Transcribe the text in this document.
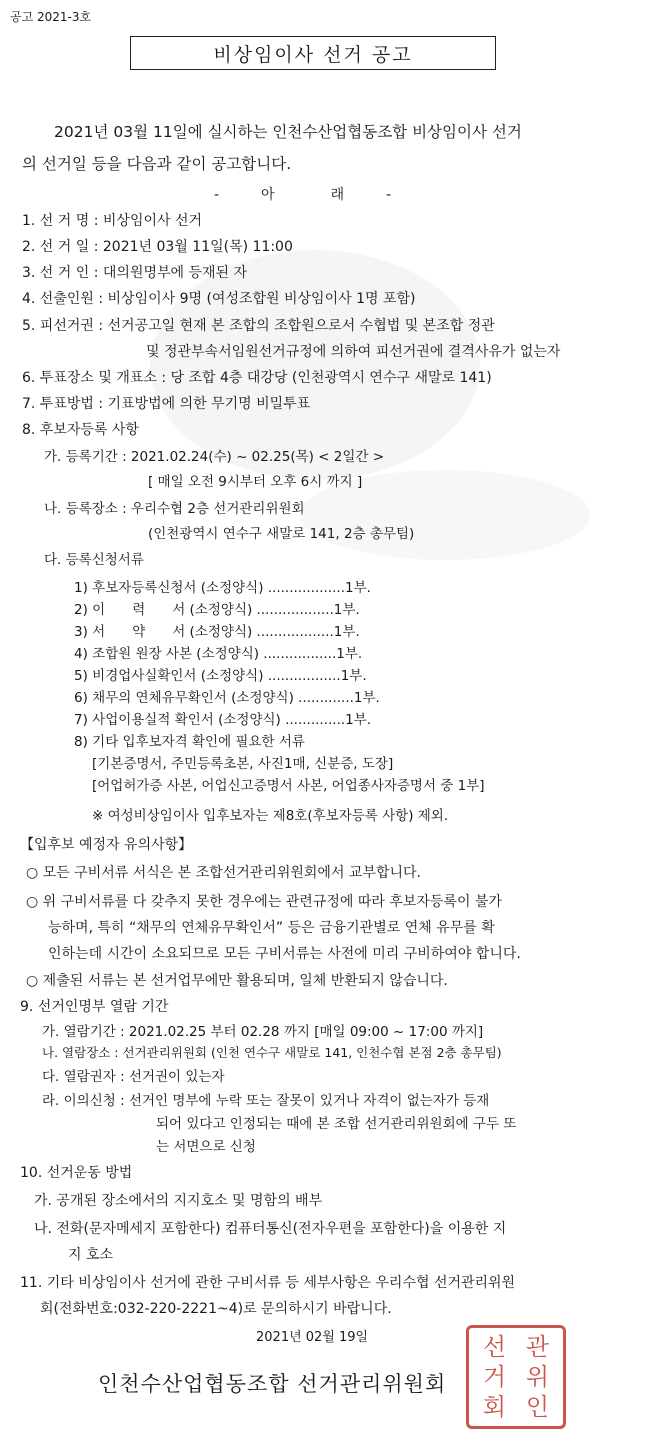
공고 2021-3호
비상임이사 선거 공고
2021년 03월 11일에 실시하는 인천수산업협동조합 비상임이사 선거
의 선거일 등을 다음과 같이 공고합니다.
-　　　아　　　　래　　　-
1. 선 거 명 : 비상임이사 선거
2. 선 거 일 : 2021년 03월 11일(목) 11:00
3. 선 거 인 : 대의원명부에 등재된 자
4. 선출인원 : 비상임이사 9명 (여성조합원 비상임이사 1명 포함)
5. 피선거권 : 선거공고일 현재 본 조합의 조합원으로서 수협법 및 본조합 정관
및 정관부속서임원선거규정에 의하여 피선거권에 결격사유가 없는자
6. 투표장소 및 개표소 : 당 조합 4층 대강당 (인천광역시 연수구 새말로 141)
7. 투표방법 : 기표방법에 의한 무기명 비밀투표
8. 후보자등록 사항
가. 등록기간 : 2021.02.24(수) ~ 02.25(목) < 2일간 >
[ 매일 오전 9시부터 오후 6시 까지 ]
나. 등록장소 : 우리수협 2층 선거관리위원회
(인천광역시 연수구 새말로 141, 2층 총무팀)
다. 등록신청서류
1) 후보자등록신청서 (소정양식) ..................1부.
2) 이　　력　　서 (소정양식) ..................1부.
3) 서　　약　　서 (소정양식) ..................1부.
4) 조합원 원장 사본 (소정양식) .................1부.
5) 비경업사실확인서 (소정양식) .................1부.
6) 채무의 연체유무확인서 (소정양식) .............1부.
7) 사업이용실적 확인서 (소정양식) ..............1부.
8) 기타 입후보자격 확인에 필요한 서류
[기본증명서, 주민등록초본, 사진1매, 신분증, 도장]
[어업허가증 사본, 어업신고증명서 사본, 어업종사자증명서 중 1부]
※ 여성비상임이사 입후보자는 제8호(후보자등록 사항) 제외.
【입후보 예정자 유의사항】
○ 모든 구비서류 서식은 본 조합선거관리위원회에서 교부합니다.
○ 위 구비서류를 다 갖추지 못한 경우에는 관련규정에 따라 후보자등록이 불가
능하며, 특히 “채무의 연체유무확인서” 등은 금융기관별로 연체 유무를 확
인하는데 시간이 소요되므로 모든 구비서류는 사전에 미리 구비하여야 합니다.
○ 제출된 서류는 본 선거업무에만 활용되며, 일체 반환되지 않습니다.
9. 선거인명부 열람 기간
가. 열람기간 : 2021.02.25 부터 02.28 까지 [매일 09:00 ~ 17:00 까지]
나. 열람장소 : 선거관리위원회 (인천 연수구 새말로 141, 인천수협 본점 2층 총무팀)
다. 열람권자 : 선거권이 있는자
라. 이의신청 : 선거인 명부에 누락 또는 잘못이 있거나 자격이 없는자가 등재
되어 있다고 인정되는 때에 본 조합 선거관리위원회에 구두 또
는 서면으로 신청
10. 선거운동 방법
가. 공개된 장소에서의 지지호소 및 명함의 배부
나. 전화(문자메세지 포함한다) 컴퓨터통신(전자우편을 포함한다)을 이용한 지
지 호소
11. 기타 비상임이사 선거에 관한 구비서류 등 세부사항은 우리수협 선거관리위원
회(전화번호:032-220-2221~4)로 문의하시기 바랍니다.
2021년 02월 19일
인천수산업협동조합 선거관리위원회
선 관
거 위
회 인
